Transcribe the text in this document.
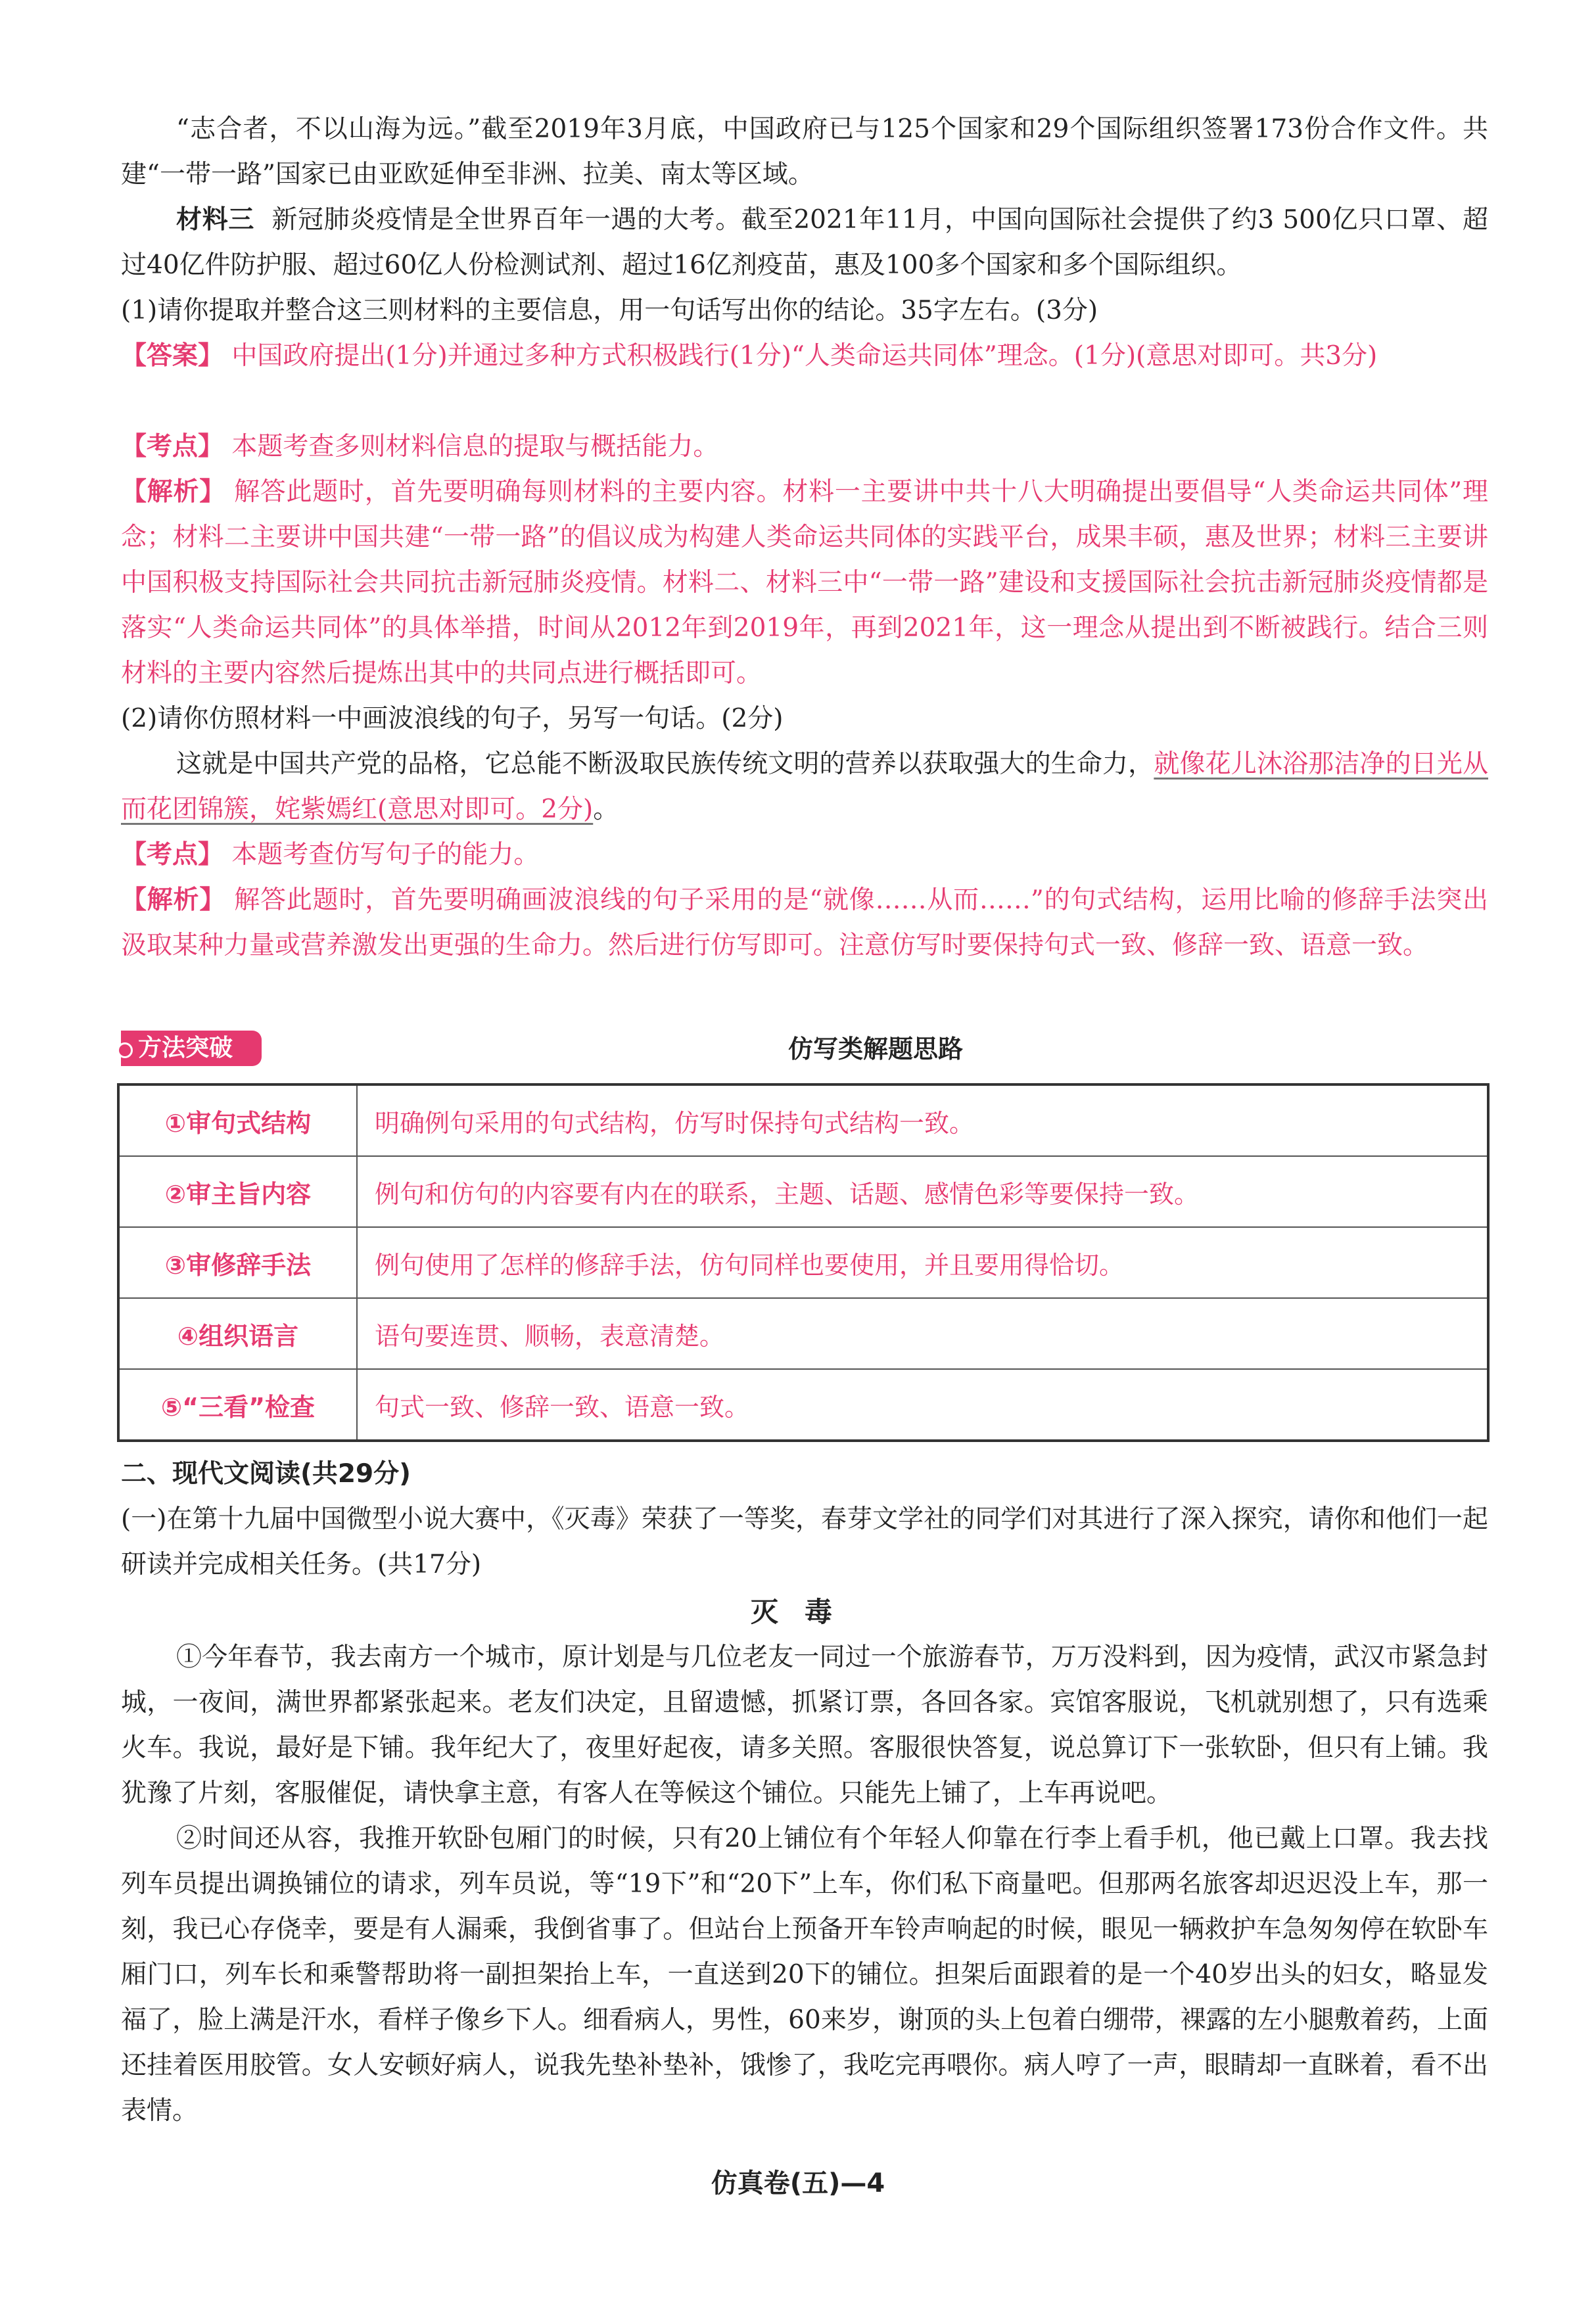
“志合者，不以山海为远。”截至2019年3月底，中国政府已与125个国家和29个国际组织签署173份合作文件。共建“一带一路”国家已由亚欧延伸至非洲、拉美、南太等区域。
材料三 新冠肺炎疫情是全世界百年一遇的大考。截至2021年11月，中国向国际社会提供了约3 500亿只口罩、超过40亿件防护服、超过60亿人份检测试剂、超过16亿剂疫苗，惠及100多个国家和多个国际组织。
(1)请你提取并整合这三则材料的主要信息，用一句话写出你的结论。35字左右。(3分)
【答案】 中国政府提出(1分)并通过多种方式积极践行(1分)“人类命运共同体”理念。(1分)(意思对即可。共3分)
【考点】 本题考查多则材料信息的提取与概括能力。
【解析】 解答此题时，首先要明确每则材料的主要内容。材料一主要讲中共十八大明确提出要倡导“人类命运共同体”理念；材料二主要讲中国共建“一带一路”的倡议成为构建人类命运共同体的实践平台，成果丰硕，惠及世界；材料三主要讲中国积极支持国际社会共同抗击新冠肺炎疫情。材料二、材料三中“一带一路”建设和支援国际社会抗击新冠肺炎疫情都是落实“人类命运共同体”的具体举措，时间从2012年到2019年，再到2021年，这一理念从提出到不断被践行。结合三则材料的主要内容然后提炼出其中的共同点进行概括即可。
(2)请你仿照材料一中画波浪线的句子，另写一句话。(2分)
这就是中国共产党的品格，它总能不断汲取民族传统文明的营养以获取强大的生命力，就像花儿沐浴那洁净的日光从而花团锦簇，姹紫嫣红(意思对即可。2分)。
【考点】 本题考查仿写句子的能力。
【解析】 解答此题时，首先要明确画波浪线的句子采用的是“就像……从而……”的句式结构，运用比喻的修辞手法突出汲取某种力量或营养激发出更强的生命力。然后进行仿写即可。注意仿写时要保持句式一致、修辞一致、语意一致。
方法突破	仿写类解题思路
①审句式结构	明确例句采用的句式结构，仿写时保持句式结构一致。
②审主旨内容	例句和仿句的内容要有内在的联系，主题、话题、感情色彩等要保持一致。
③审修辞手法	例句使用了怎样的修辞手法，仿句同样也要使用，并且要用得恰切。
④组织语言	语句要连贯、顺畅，表意清楚。
⑤“三看”检查	句式一致、修辞一致、语意一致。
二、现代文阅读(共29分)
(一)在第十九届中国微型小说大赛中，《灭毒》荣获了一等奖，春芽文学社的同学们对其进行了深入探究，请你和他们一起研读并完成相关任务。(共17分)
灭毒
①今年春节，我去南方一个城市，原计划是与几位老友一同过一个旅游春节，万万没料到，因为疫情，武汉市紧急封城，一夜间，满世界都紧张起来。老友们决定，且留遗憾，抓紧订票，各回各家。宾馆客服说，飞机就别想了，只有选乘火车。我说，最好是下铺。我年纪大了，夜里好起夜，请多关照。客服很快答复，说总算订下一张软卧，但只有上铺。我犹豫了片刻，客服催促，请快拿主意，有客人在等候这个铺位。只能先上铺了，上车再说吧。
②时间还从容，我推开软卧包厢门的时候，只有20上铺位有个年轻人仰靠在行李上看手机，他已戴上口罩。我去找列车员提出调换铺位的请求，列车员说，等“19下”和“20下”上车，你们私下商量吧。但那两名旅客却迟迟没上车，那一刻，我已心存侥幸，要是有人漏乘，我倒省事了。但站台上预备开车铃声响起的时候，眼见一辆救护车急匆匆停在软卧车厢门口，列车长和乘警帮助将一副担架抬上车，一直送到20下的铺位。担架后面跟着的是一个40岁出头的妇女，略显发福了，脸上满是汗水，看样子像乡下人。细看病人，男性，60来岁，谢顶的头上包着白绷带，裸露的左小腿敷着药，上面还挂着医用胶管。女人安顿好病人，说我先垫补垫补，饿惨了，我吃完再喂你。病人哼了一声，眼睛却一直眯着，看不出表情。
仿真卷(五)—4
